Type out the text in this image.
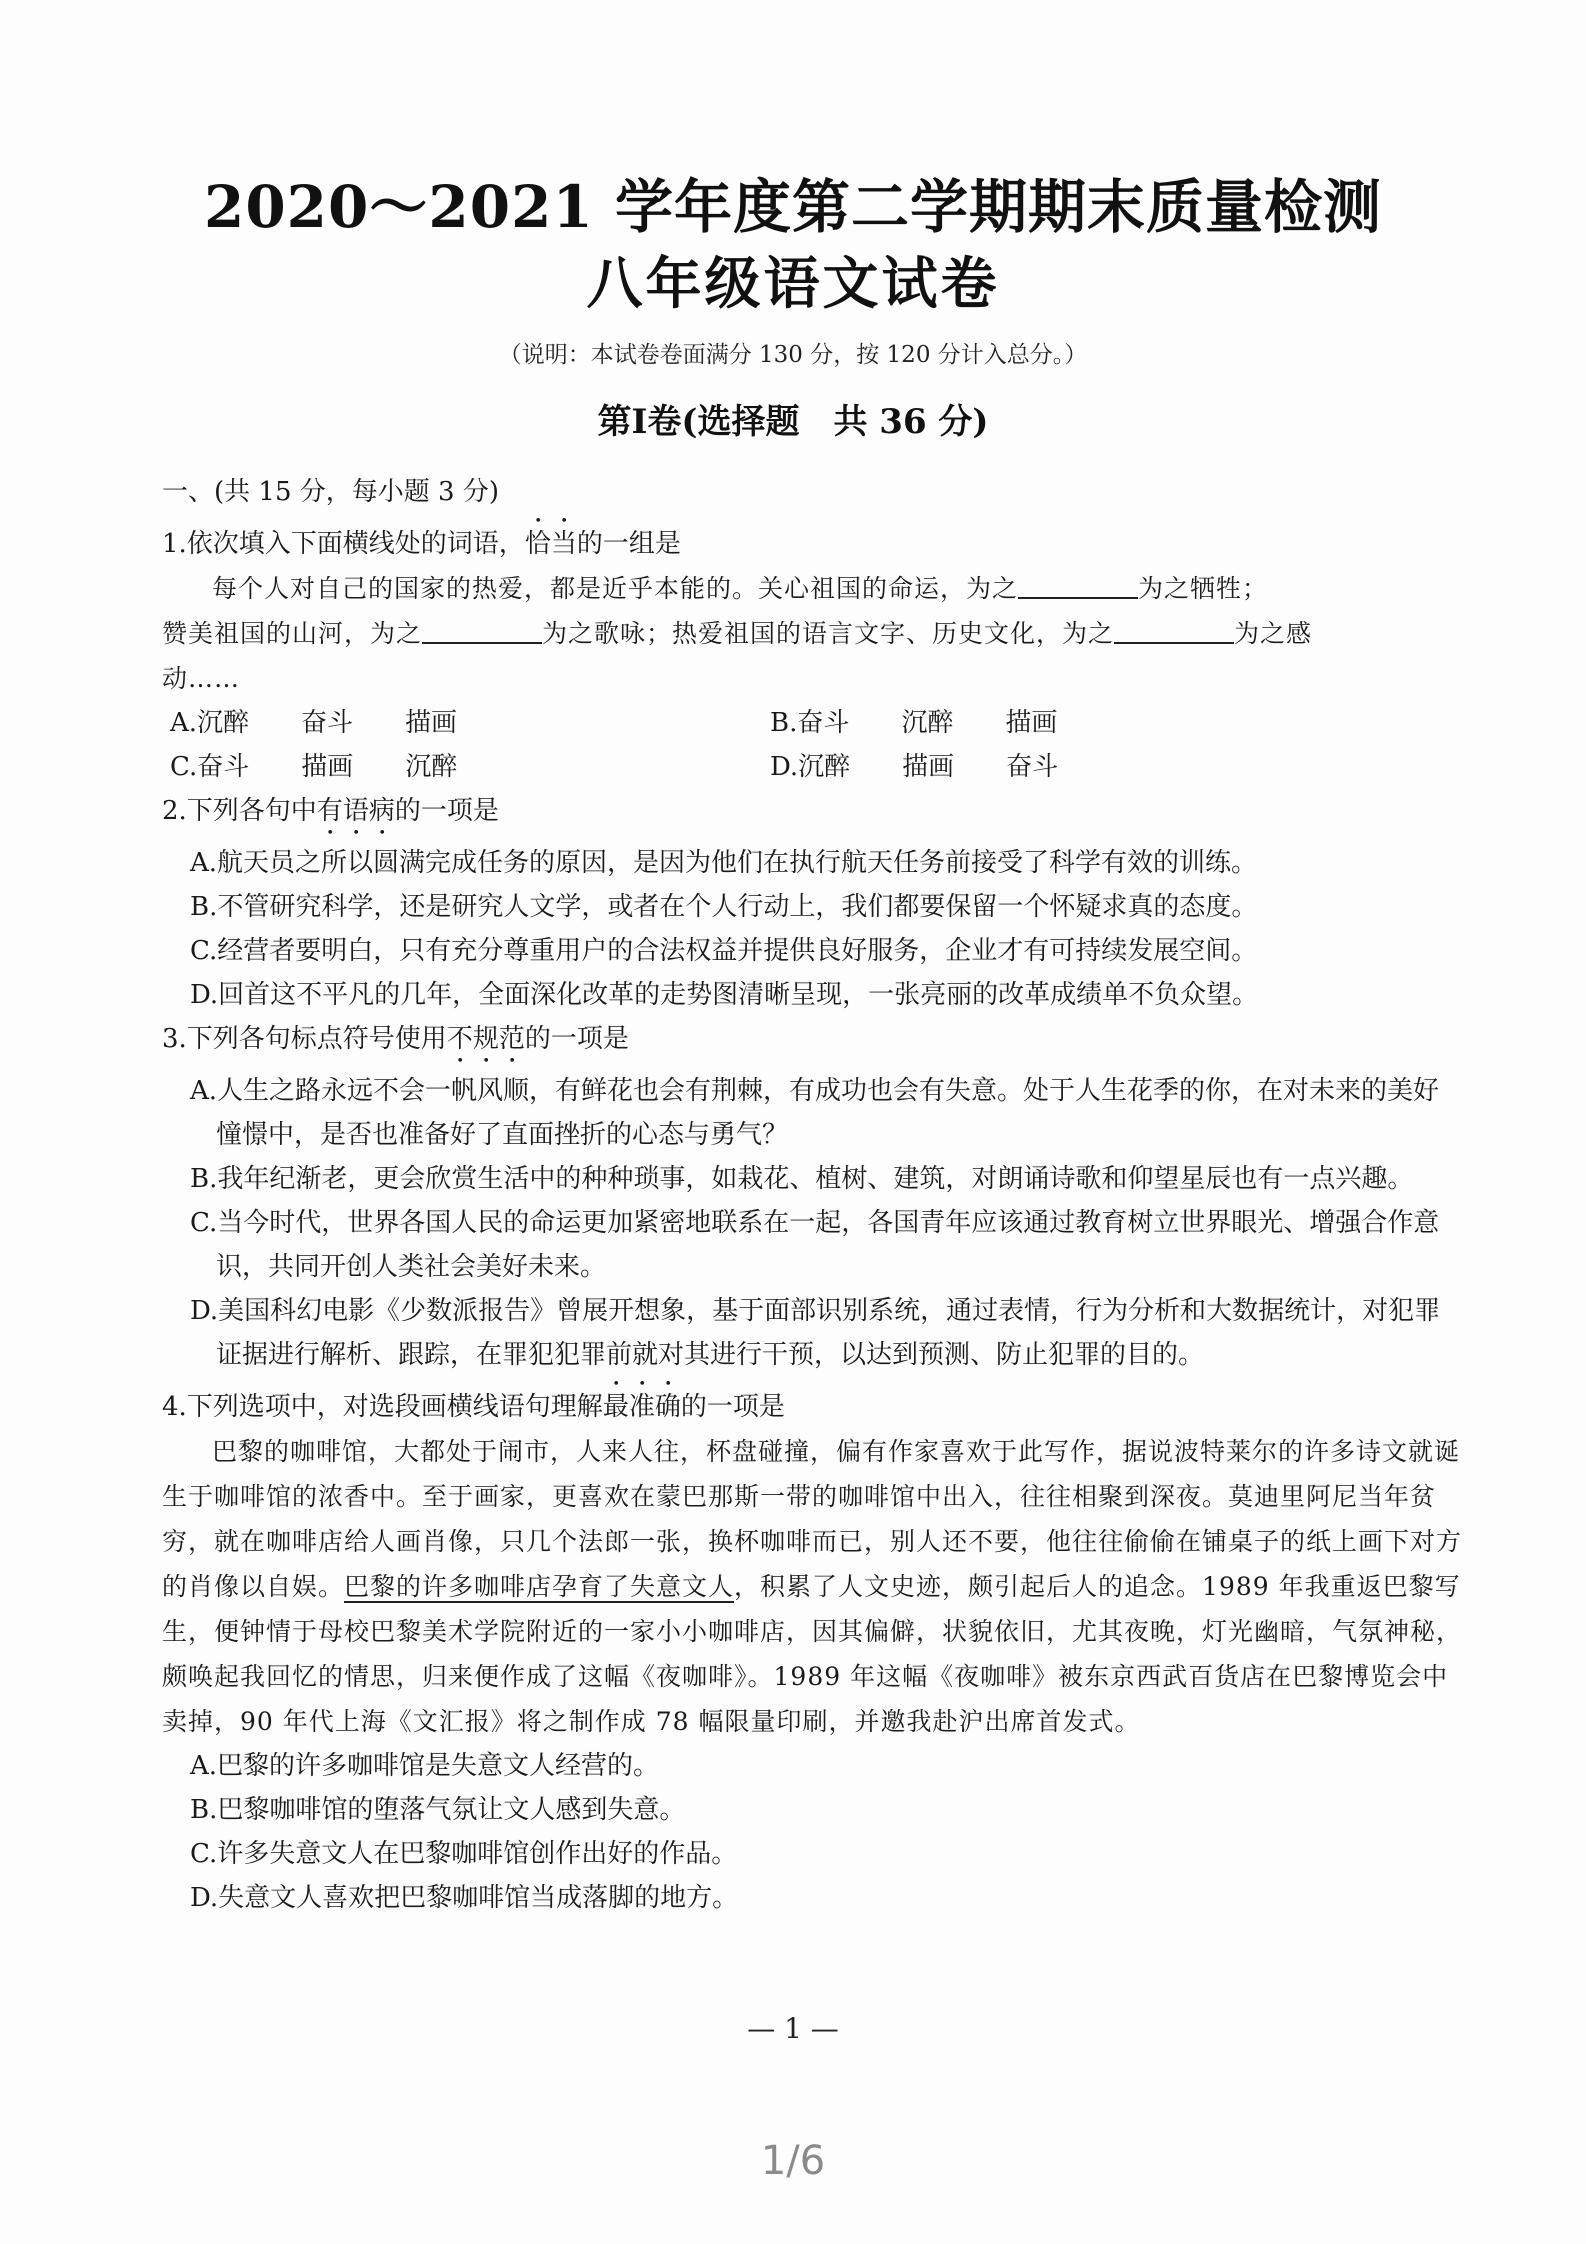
2020～2021 学年度第二学期期末质量检测
八年级语文试卷
（说明：本试卷卷面满分 130 分，按 120 分计入总分。）
第Ⅰ卷(选择题　共 36 分)

一、(共 15 分，每小题 3 分)

1.依次填入下面横线处的词语，恰当的一组是

每个人对自己的国家的热爱，都是近乎本能的。关心祖国的命运，为之	为之牺牲；

赞美祖国的山河，为之	为之歌咏；热爱祖国的语言文字、历史文化，为之	为之感

动……

A.沉醉　　奋斗　　描画	B.奋斗　　沉醉　　描画
C.奋斗　　描画　　沉醉	D.沉醉　　描画　　奋斗

2.下列各句中有语病的一项是

A.航天员之所以圆满完成任务的原因，是因为他们在执行航天任务前接受了科学有效的训练。

B.不管研究科学，还是研究人文学，或者在个人行动上，我们都要保留一个怀疑求真的态度。

C.经营者要明白，只有充分尊重用户的合法权益并提供良好服务，企业才有可持续发展空间。

D.回首这不平凡的几年，全面深化改革的走势图清晰呈现，一张亮丽的改革成绩单不负众望。

3.下列各句标点符号使用不规范的一项是

A.人生之路永远不会一帆风顺，有鲜花也会有荆棘，有成功也会有失意。处于人生花季的你，在对未来的美好憧憬中，是否也准备好了直面挫折的心态与勇气？

B.我年纪渐老，更会欣赏生活中的种种琐事，如栽花、植树、建筑，对朗诵诗歌和仰望星辰也有一点兴趣。

C.当今时代，世界各国人民的命运更加紧密地联系在一起，各国青年应该通过教育树立世界眼光、增强合作意识，共同开创人类社会美好未来。

D.美国科幻电影《少数派报告》曾展开想象，基于面部识别系统，通过表情，行为分析和大数据统计，对犯罪证据进行解析、跟踪，在罪犯犯罪前就对其进行干预，以达到预测、防止犯罪的目的。

4.下列选项中，对选段画横线语句理解最准确的一项是

巴黎的咖啡馆，大都处于闹市，人来人往，杯盘碰撞，偏有作家喜欢于此写作，据说波特莱尔的许多诗文就诞生于咖啡馆的浓香中。至于画家，更喜欢在蒙巴那斯一带的咖啡馆中出入，往往相聚到深夜。莫迪里阿尼当年贫穷，就在咖啡店给人画肖像，只几个法郎一张，换杯咖啡而已，别人还不要，他往往偷偷在铺桌子的纸上画下对方的肖像以自娱。巴黎的许多咖啡店孕育了失意文人，积累了人文史迹，颇引起后人的追念。1989 年我重返巴黎写生，便钟情于母校巴黎美术学院附近的一家小小咖啡店，因其偏僻，状貌依旧，尤其夜晚，灯光幽暗，气氛神秘，颇唤起我回忆的情思，归来便作成了这幅《夜咖啡》。1989 年这幅《夜咖啡》被东京西武百货店在巴黎博览会中卖掉，90 年代上海《文汇报》将之制作成 78 幅限量印刷，并邀我赴沪出席首发式。

A.巴黎的许多咖啡馆是失意文人经营的。

B.巴黎咖啡馆的堕落气氛让文人感到失意。

C.许多失意文人在巴黎咖啡馆创作出好的作品。

D.失意文人喜欢把巴黎咖啡馆当成落脚的地方。

— 1 —
1/6
